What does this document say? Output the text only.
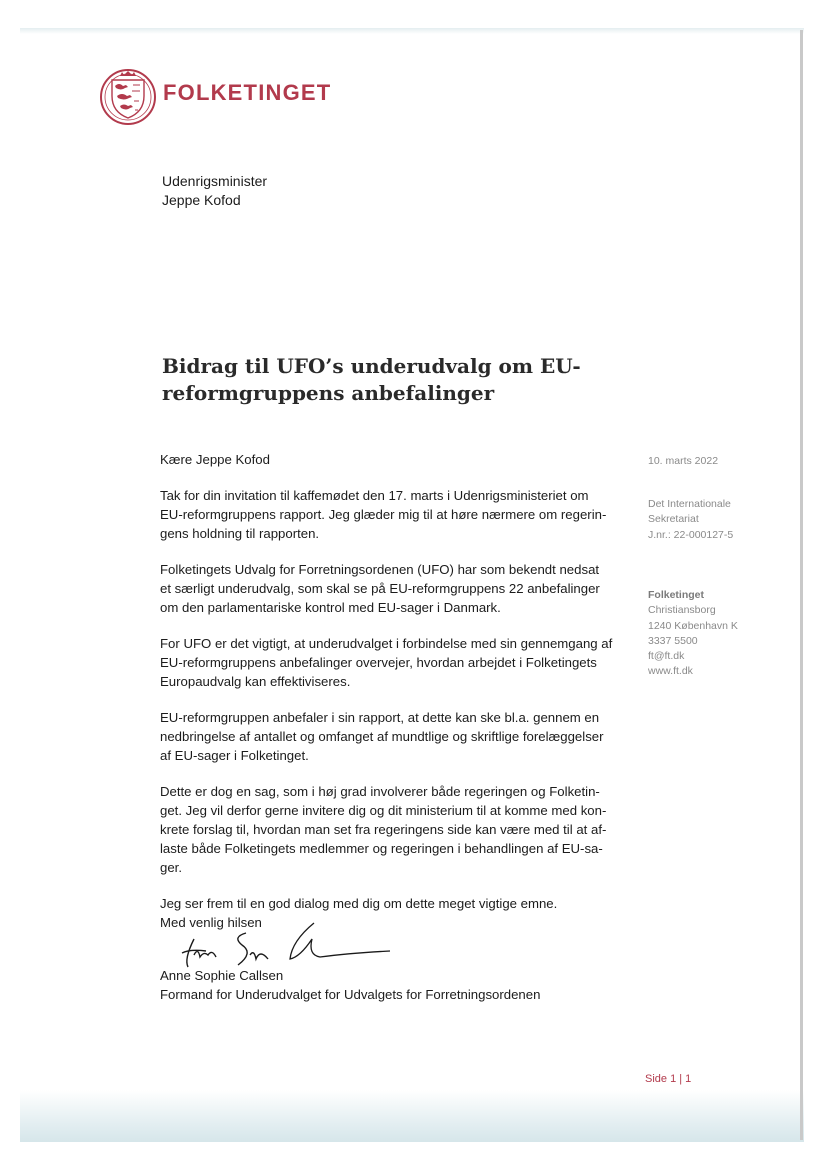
FOLKETINGET
Udenrigsminister
Jeppe Kofod
Bidrag til UFO’s underudvalg om EU-
reformgruppens anbefalinger
Kære Jeppe Kofod
Tak for din invitation til kaffemødet den 17. marts i Udenrigsministeriet om
EU-reformgruppens rapport. Jeg glæder mig til at høre nærmere om regerin-
gens holdning til rapporten.
Folketingets Udvalg for Forretningsordenen (UFO) har som bekendt nedsat
et særligt underudvalg, som skal se på EU-reformgruppens 22 anbefalinger
om den parlamentariske kontrol med EU-sager i Danmark.
For UFO er det vigtigt, at underudvalget i forbindelse med sin gennemgang af
EU-reformgruppens anbefalinger overvejer, hvordan arbejdet i Folketingets
Europaudvalg kan effektiviseres.
EU-reformgruppen anbefaler i sin rapport, at dette kan ske bl.a. gennem en
nedbringelse af antallet og omfanget af mundtlige og skriftlige forelæggelser
af EU-sager i Folketinget.
Dette er dog en sag, som i høj grad involverer både regeringen og Folketin-
get. Jeg vil derfor gerne invitere dig og dit ministerium til at komme med kon-
krete forslag til, hvordan man set fra regeringens side kan være med til at af-
laste både Folketingets medlemmer og regeringen i behandlingen af EU-sa-
ger.
Jeg ser frem til en god dialog med dig om dette meget vigtige emne.
Med venlig hilsen
Anne Sophie Callsen
Formand for Underudvalget for Udvalgets for Forretningsordenen
10. marts 2022
Det Internationale
Sekretariat
J.nr.: 22-000127-5
Folketinget
Christiansborg
1240 København K
3337 5500
ft@ft.dk
www.ft.dk
Side 1 | 1
